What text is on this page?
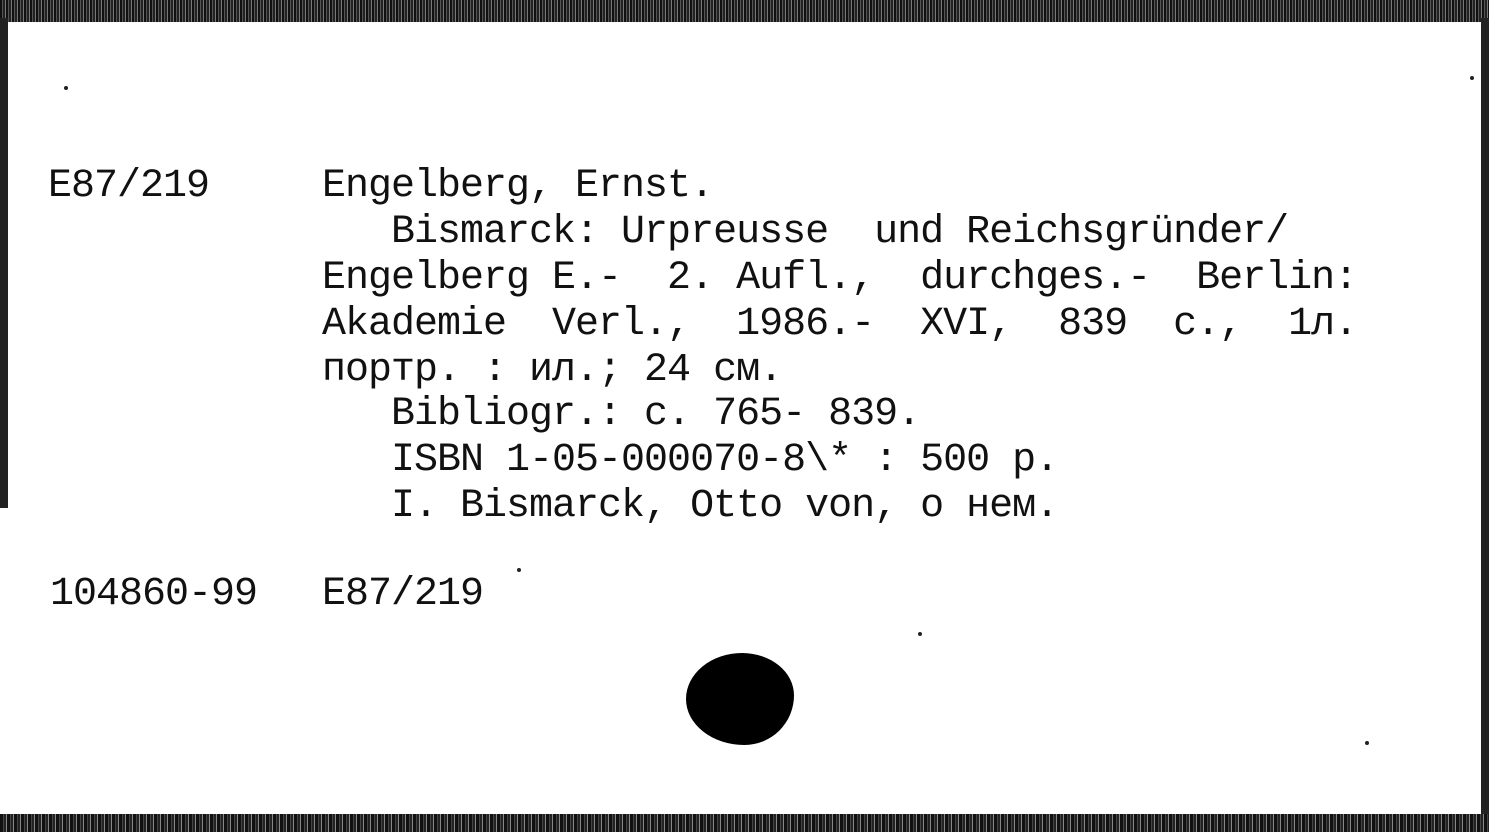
E87/219	Engelberg, Ernst.
Bismarck: Urpreusse  und Reichsgründer/
Engelberg E.-  2. Aufl.,  durchges.-  Berlin:
Akademie  Verl.,  1986.-  XVI,  839  c.,  1л.
портр. : ил.; 24 см.
Bibliogr.: c. 765- 839.
ISBN 1-05-000070-8\* : 500 р.
I. Bismarck, Otto von, о нем.
104860-99 E87/219
